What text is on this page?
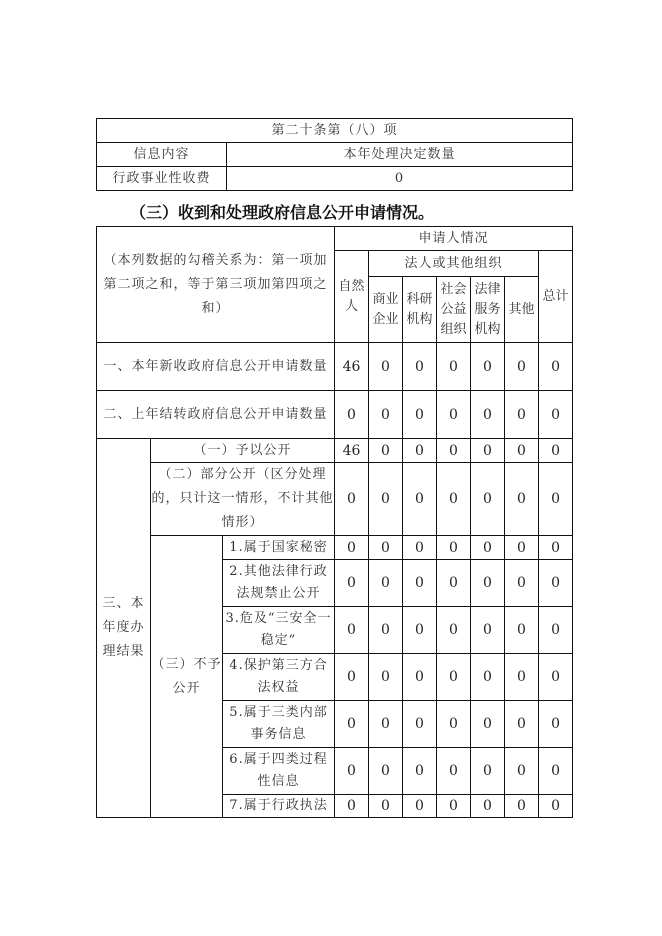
第二十条第（八）项	
信息内容	本年处理决定数量
行政事业性收费	0
（三）收到和处理政府信息公开申请情况。
（本列数据的勾稽关系为：第一项加第二项之和，等于第三项加第四项之和）			申请人情况						
			自然人	法人或其他组织					总计
				商业企业	科研机构	社会公益组织	法律服务机构	其他	
一、本年新收政府信息公开申请数量			46	0	0	0	0	0	0
二、上年结转政府信息公开申请数量			0	0	0	0	0	0	0
三、本年度办理结果	（一）予以公开		46	0	0	0	0	0	0
	（二）部分公开（区分处理的，只计这一情形，不计其他情形）		0	0	0	0	0	0	0
	（三）不予公开	1.属于国家秘密	0	0	0	0	0	0	0
		2.其他法律行政法规禁止公开	0	0	0	0	0	0	0
		3.危及“三安全一稳定”	0	0	0	0	0	0	0
		4.保护第三方合法权益	0	0	0	0	0	0	0
		5.属于三类内部事务信息	0	0	0	0	0	0	0
		6.属于四类过程性信息	0	0	0	0	0	0	0
		7.属于行政执法	0	0	0	0	0	0	0
